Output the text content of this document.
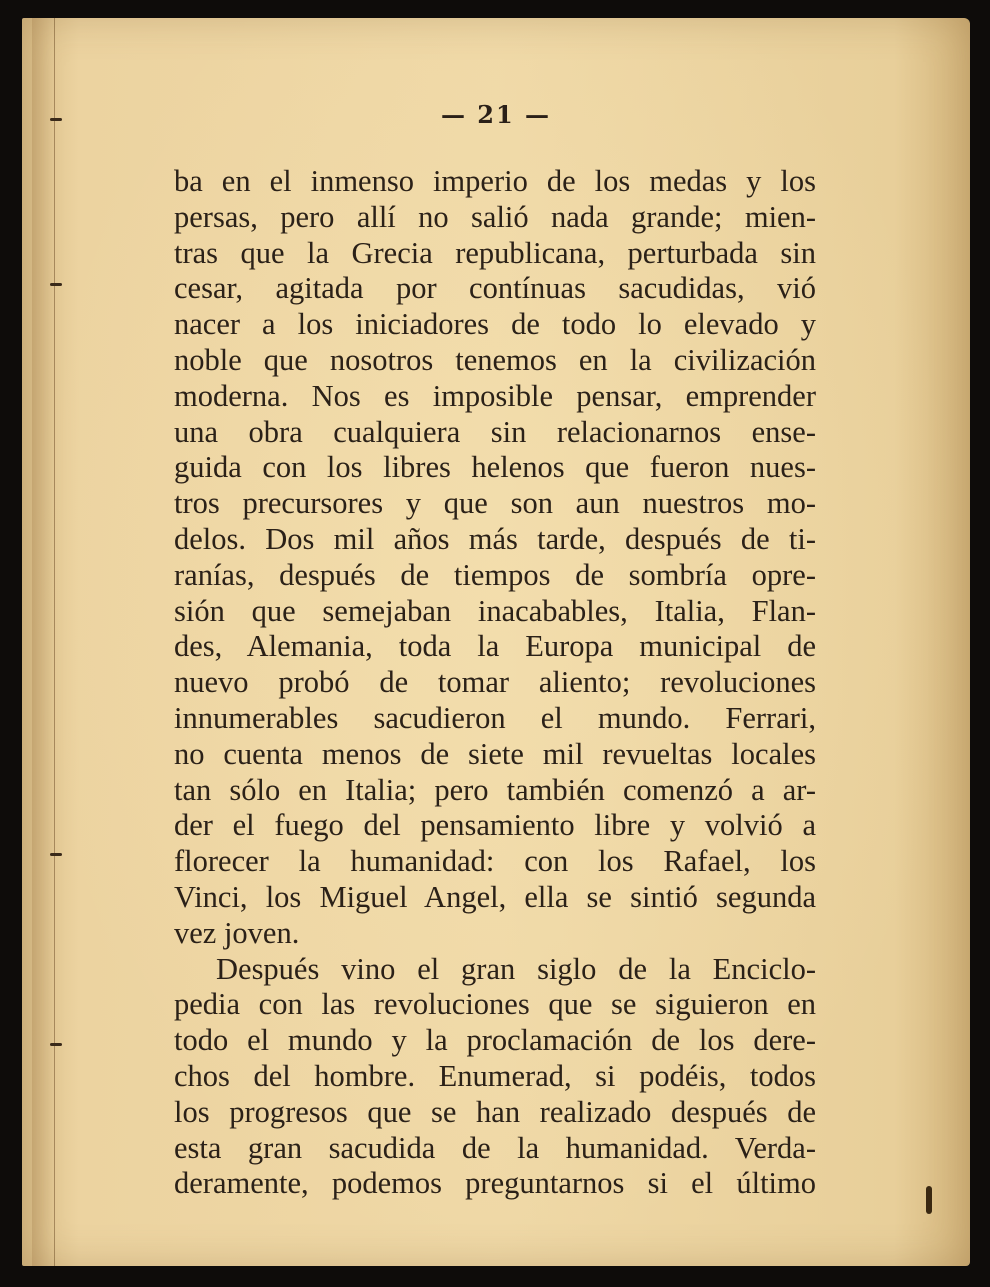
— 21 —
ba en el inmenso imperio de los medas y los
persas, pero allí no salió nada grande; mien-
tras que la Grecia republicana, perturbada sin
cesar, agitada por contínuas sacudidas, vió
nacer a los iniciadores de todo lo elevado y
noble que nosotros tenemos en la civilización
moderna. Nos es imposible pensar, emprender
una obra cualquiera sin relacionarnos ense-
guida con los libres helenos que fueron nues-
tros precursores y que son aun nuestros mo-
delos. Dos mil años más tarde, después de ti-
ranías, después de tiempos de sombría opre-
sión que semejaban inacabables, Italia, Flan-
des, Alemania, toda la Europa municipal de
nuevo probó de tomar aliento; revoluciones
innumerables sacudieron el mundo. Ferrari,
no cuenta menos de siete mil revueltas locales
tan sólo en Italia; pero también comenzó a ar-
der el fuego del pensamiento libre y volvió a
florecer la humanidad: con los Rafael, los
Vinci, los Miguel Angel, ella se sintió segunda
vez joven.
Después vino el gran siglo de la Enciclo-
pedia con las revoluciones que se siguieron en
todo el mundo y la proclamación de los dere-
chos del hombre. Enumerad, si podéis, todos
los progresos que se han realizado después de
esta gran sacudida de la humanidad. Verda-
deramente, podemos preguntarnos si el último
